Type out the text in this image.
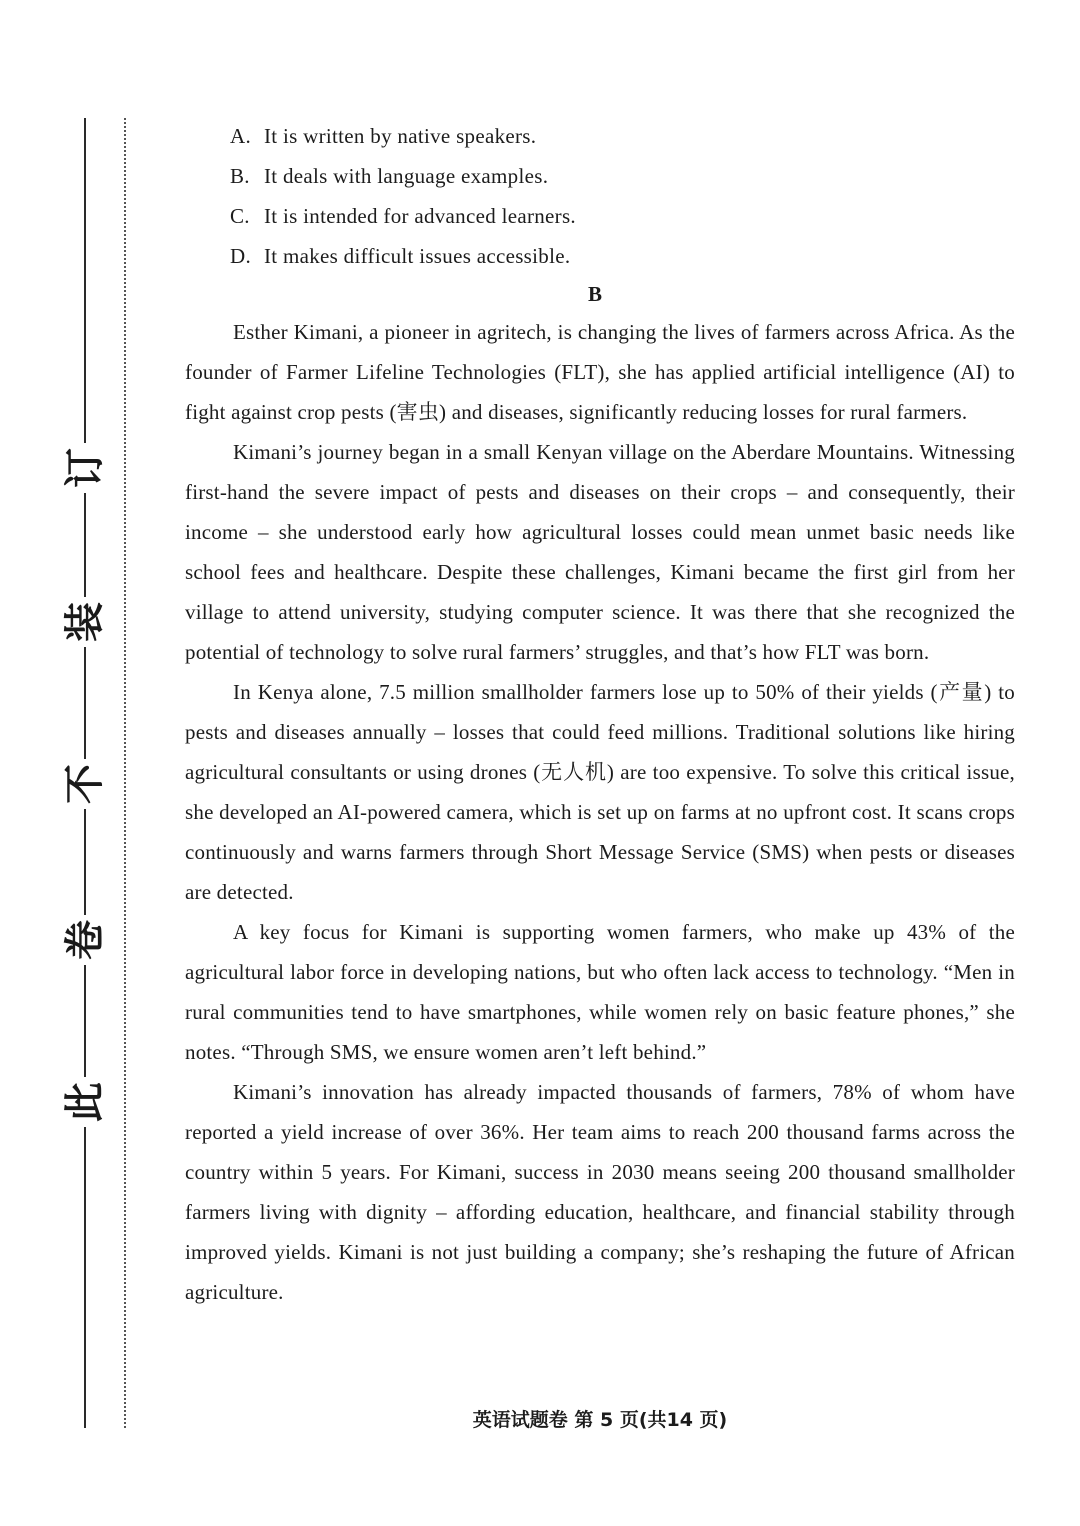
订
装
不
卷
此
A. It is written by native speakers.
B. It deals with language examples.
C. It is intended for advanced learners.
D. It makes difficult issues accessible.
B

Esther Kimani, a pioneer in agritech, is changing the lives of farmers across Africa. As the founder of Farmer Lifeline Technologies (FLT), she has applied artificial intelligence (AI) to fight against crop pests (害虫) and diseases, significantly reducing losses for rural farmers.

Kimani’s journey began in a small Kenyan village on the Aberdare Mountains. Witnessing first-hand the severe impact of pests and diseases on their crops – and consequently, their income – she understood early how agricultural losses could mean unmet basic needs like school fees and healthcare. Despite these challenges, Kimani became the first girl from her village to attend university, studying computer science. It was there that she recognized the potential of technology to solve rural farmers’ struggles, and that’s how FLT was born.

In Kenya alone, 7.5 million smallholder farmers lose up to 50% of their yields (产量) to pests and diseases annually – losses that could feed millions. Traditional solutions like hiring agricultural consultants or using drones (无人机) are too expensive. To solve this critical issue, she developed an AI-powered camera, which is set up on farms at no upfront cost. It scans crops continuously and warns farmers through Short Message Service (SMS) when pests or diseases are detected.

A key focus for Kimani is supporting women farmers, who make up 43% of the agricultural labor force in developing nations, but who often lack access to technology. “Men in rural communities tend to have smartphones, while women rely on basic feature phones,” she notes. “Through SMS, we ensure women aren’t left behind.”

Kimani’s innovation has already impacted thousands of farmers, 78% of whom have reported a yield increase of over 36%. Her team aims to reach 200 thousand farms across the country within 5 years. For Kimani, success in 2030 means seeing 200 thousand smallholder farmers living with dignity – affording education, healthcare, and financial stability through improved yields. Kimani is not just building a company; she’s reshaping the future of African agriculture.

英语试题卷 第 5 页(共14 页)
